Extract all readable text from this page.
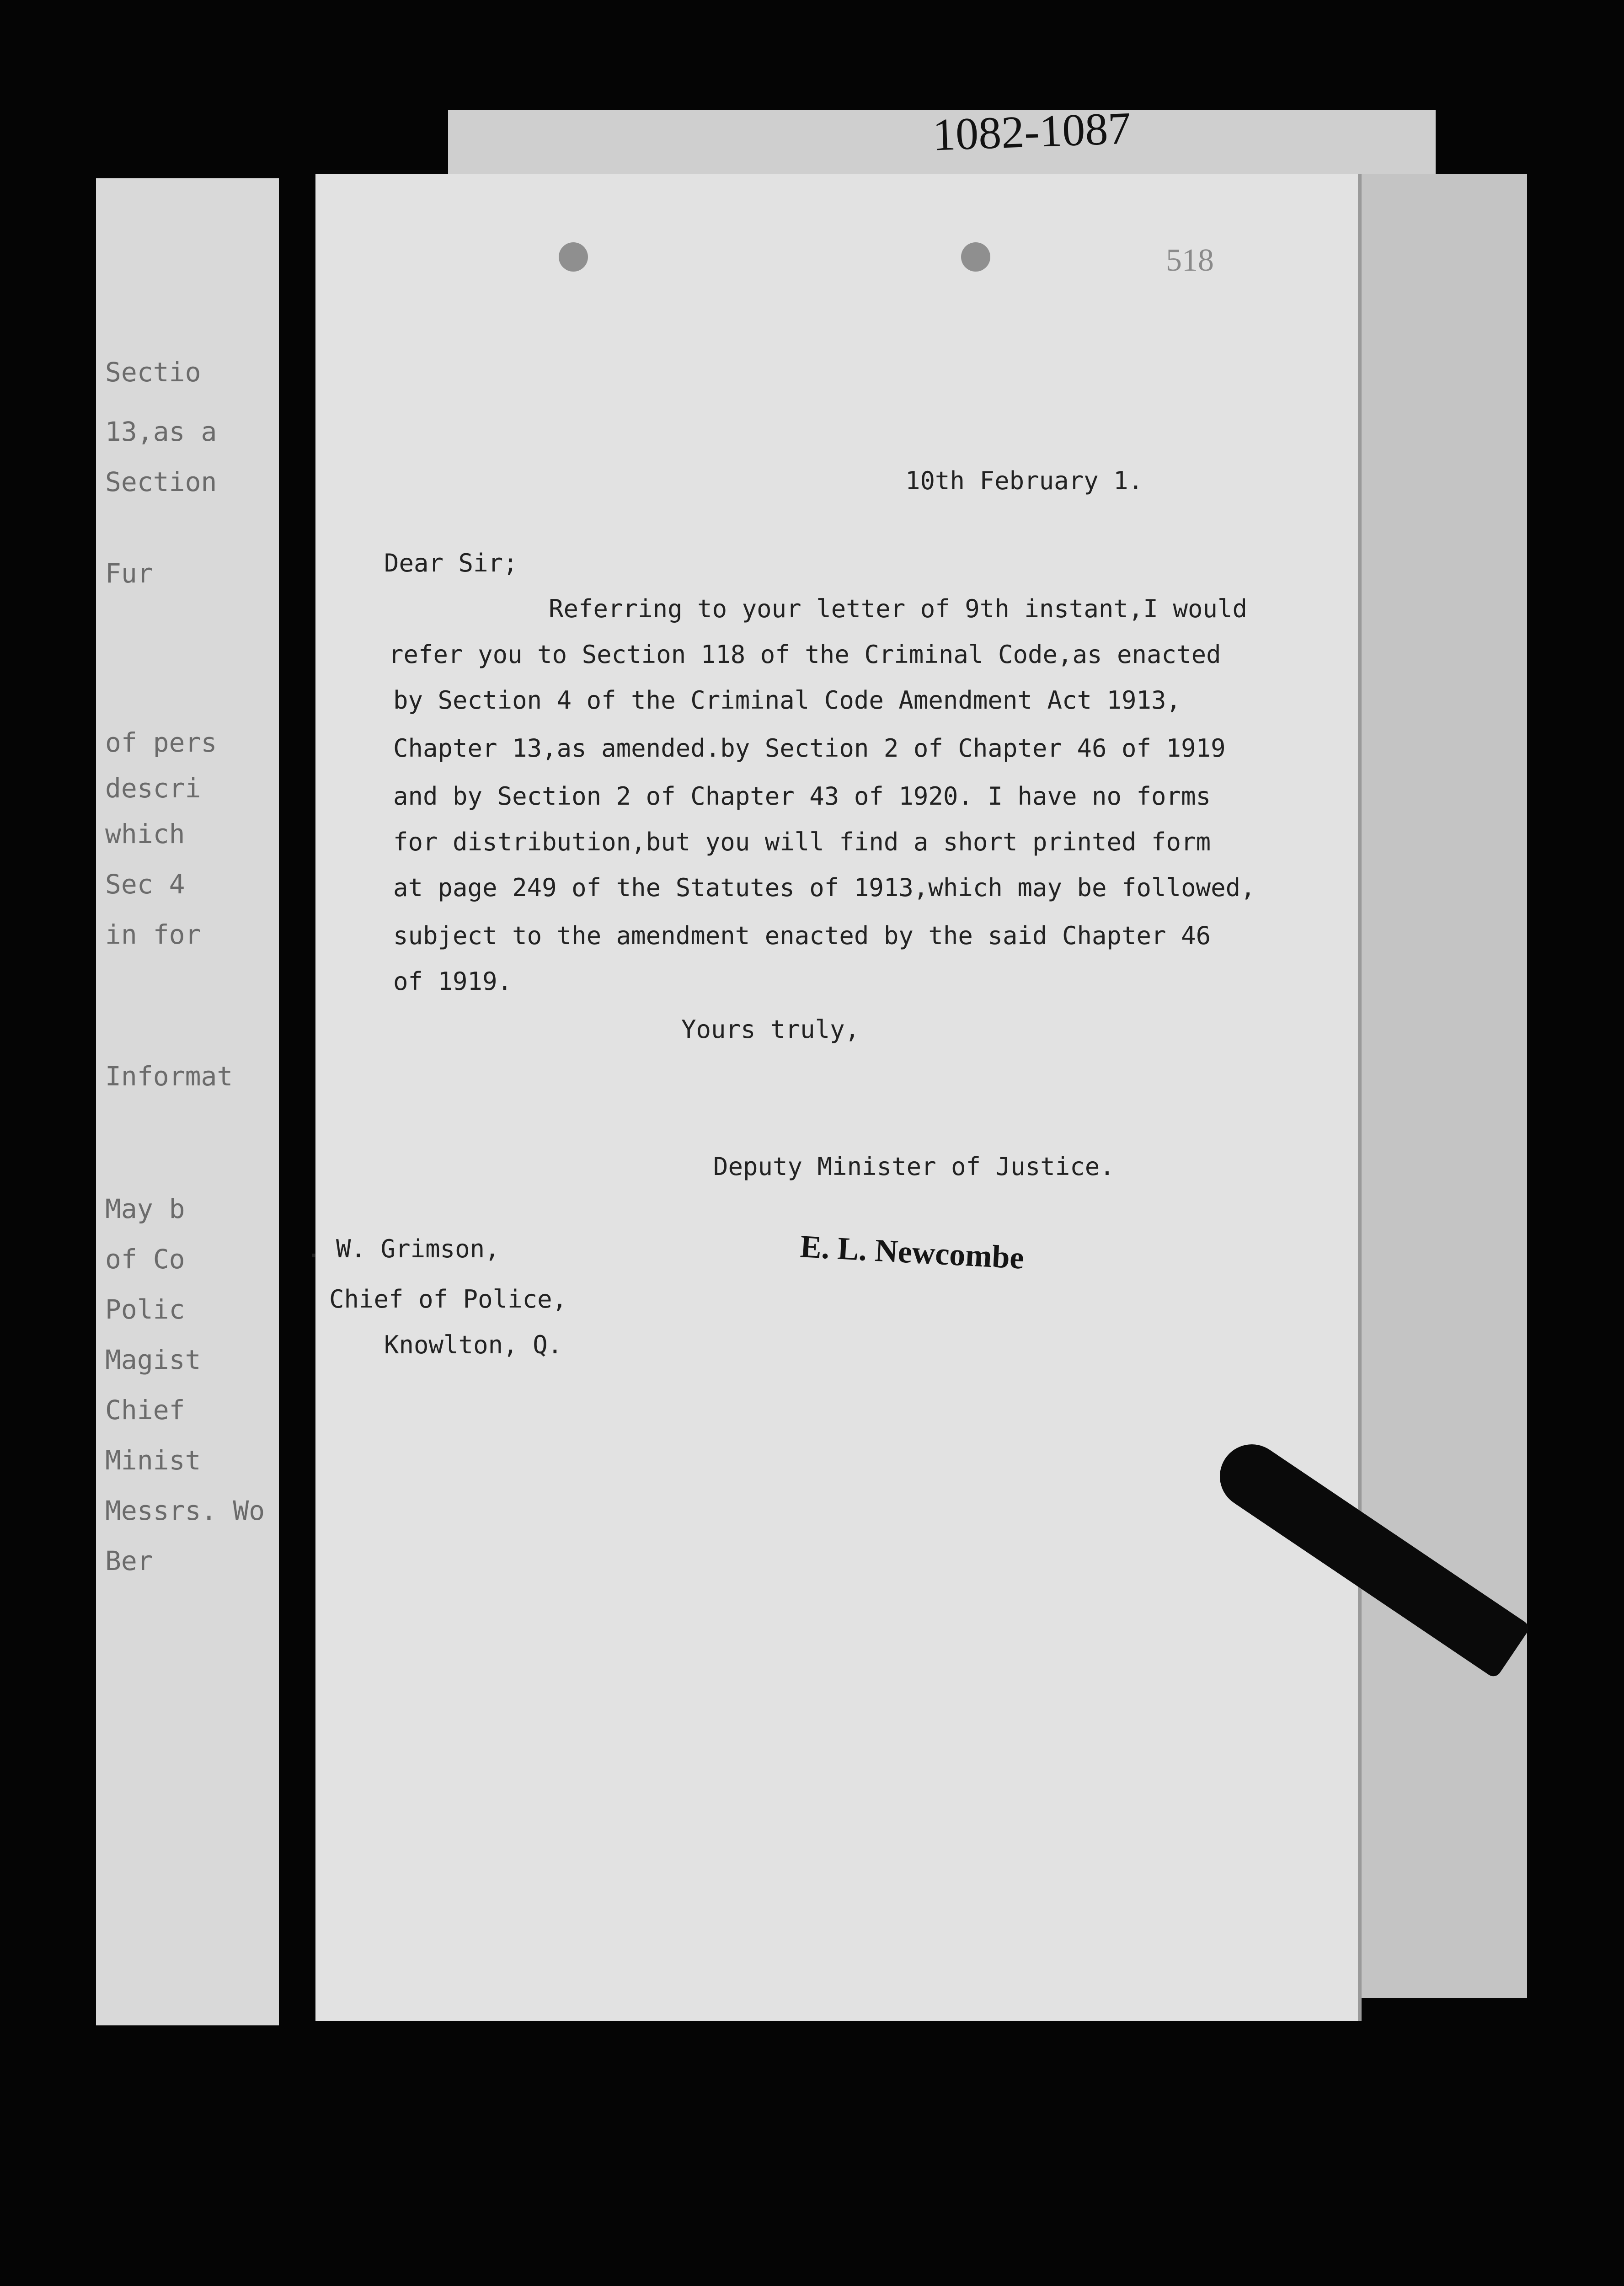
1082-1087
Sectio
13,as a
Section
Fur
of pers
descri
which
Sec 4
in for
Informat
May b
of Co
Polic
Magist
Chief
Minist
Messrs. Wo
Ber
518
10th February 1.
Dear Sir;
Referring to your letter of 9th instant,I would
refer you to Section 118 of the Criminal Code,as enacted
by Section 4 of the Criminal Code Amendment Act 1913,
Chapter 13,as amended.by Section 2 of Chapter 46 of 1919
and by Section 2 of Chapter 43 of 1920. I have no forms
for distribution,but you will find a short printed form
at page 249 of the Statutes of 1913,which may be followed,
subject to the amendment enacted by the said Chapter 46
of 1919.
Yours truly,
E. L. Newcombe
Deputy Minister of Justice.
. W. Grimson,
Chief of Police,
Knowlton, Q.
